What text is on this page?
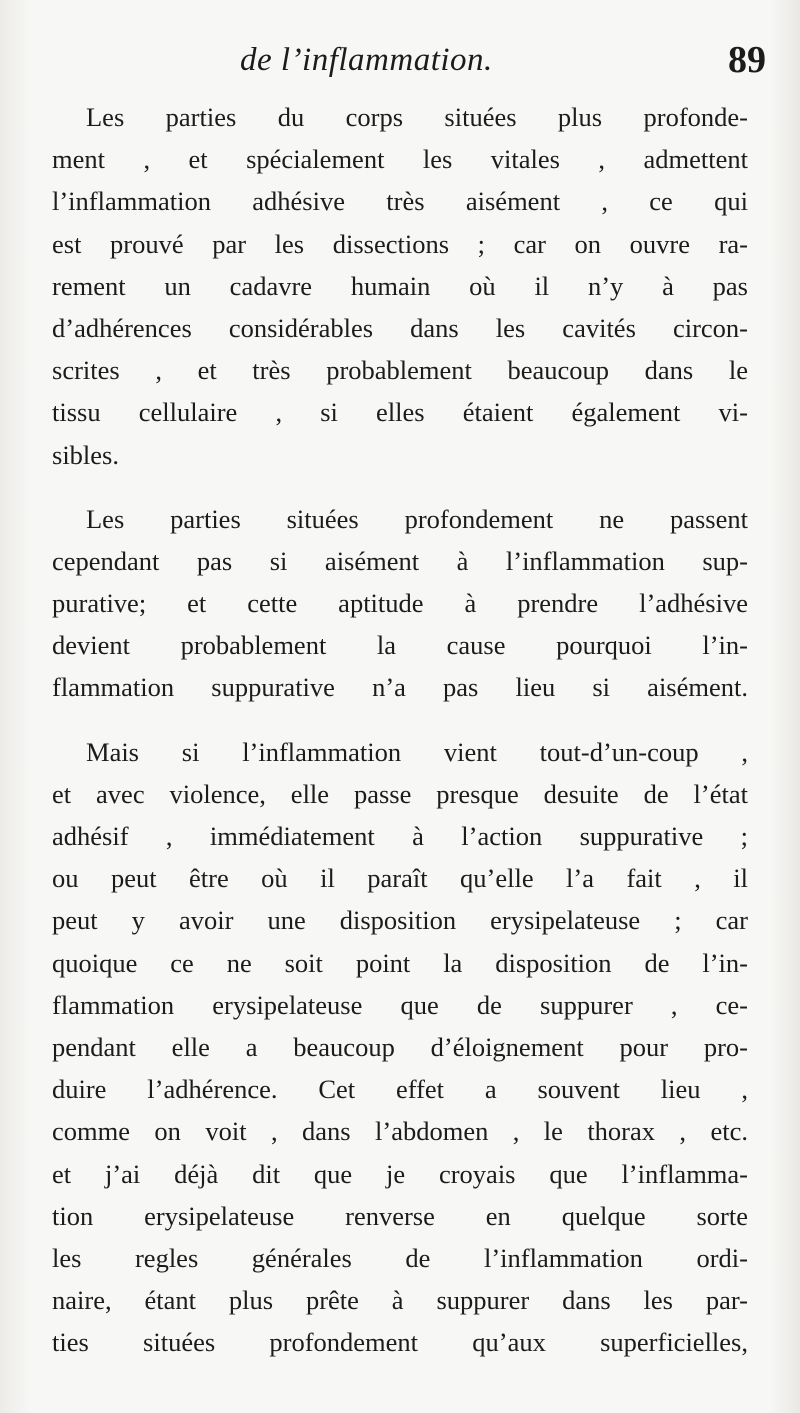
de l’inflammation.	89

Les parties du corps situées plus profonde-
ment , et spécialement les vitales , admettent
l’inflammation adhésive très aisément , ce qui
est prouvé par les dissections ; car on ouvre ra-
rement un cadavre humain où il n’y à pas
d’adhérences considérables dans les cavités circon-
scrites , et très probablement beaucoup dans le
tissu cellulaire , si elles étaient également vi-
sibles.

Les parties situées profondement ne passent
cependant pas si aisément à l’inflammation sup-
purative; et cette aptitude à prendre l’adhésive
devient probablement la cause pourquoi l’in-
flammation suppurative n’a pas lieu si aisément.

Mais si l’inflammation vient tout-d’un-coup ,
et avec violence, elle passe presque desuite de l’état
adhésif , immédiatement à l’action suppurative ;
ou peut être où il paraît qu’elle l’a fait , il
peut y avoir une disposition erysipelateuse ; car
quoique ce ne soit point la disposition de l’in-
flammation erysipelateuse que de suppurer , ce-
pendant elle a beaucoup d’éloignement pour pro-
duire l’adhérence. Cet effet a souvent lieu ,
comme on voit , dans l’abdomen , le thorax , etc.
et j’ai déjà dit que je croyais que l’inflamma-
tion erysipelateuse renverse en quelque sorte
les regles générales de l’inflammation ordi-
naire, étant plus prête à suppurer dans les par-
ties situées profondement qu’aux superficielles,
